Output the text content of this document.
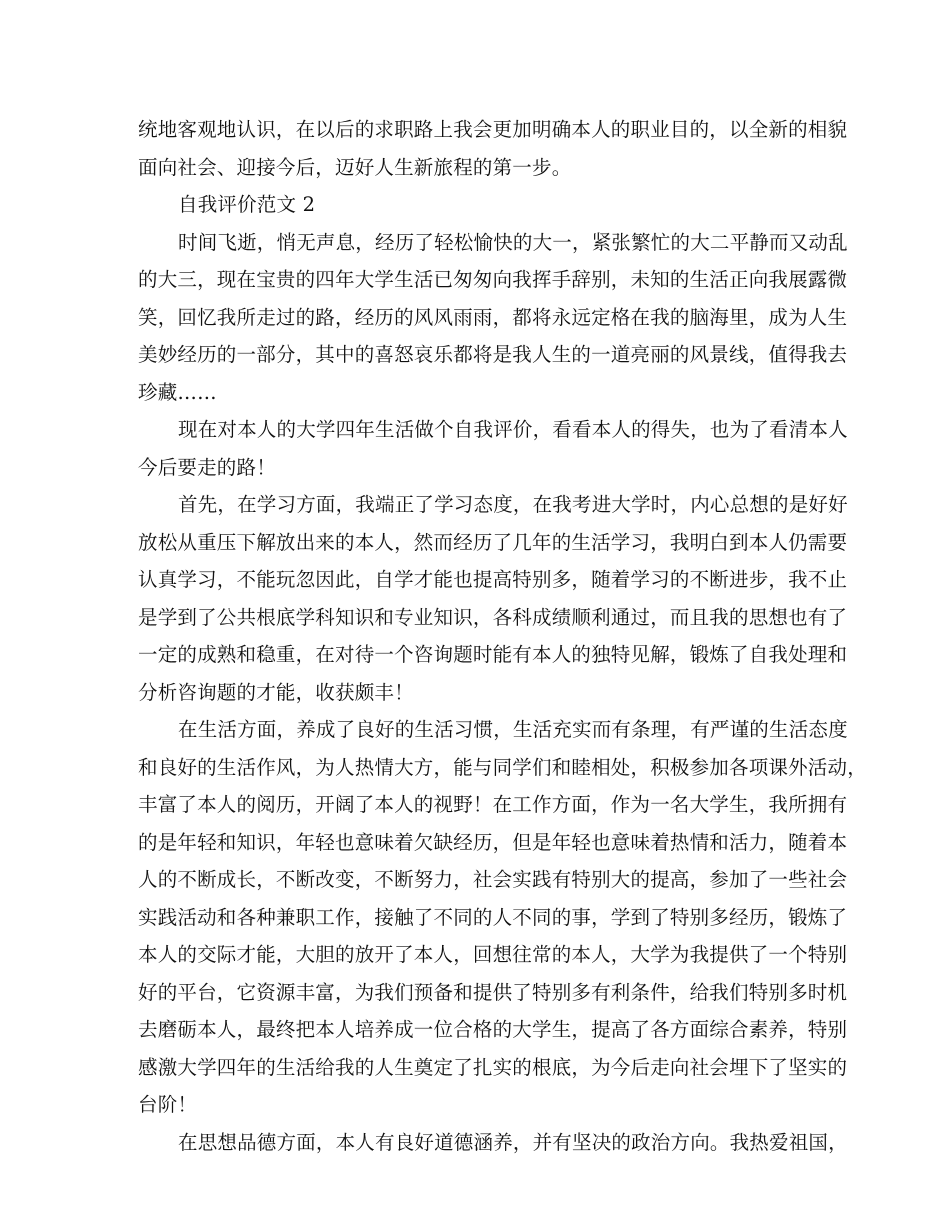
统地客观地认识，在以后的求职路上我会更加明确本人的职业目的，以全新的相貌
面向社会、迎接今后，迈好人生新旅程的第一步。
自我评价范文 2
时间飞逝，悄无声息，经历了轻松愉快的大一，紧张繁忙的大二平静而又动乱
的大三，现在宝贵的四年大学生活已匆匆向我挥手辞别，未知的生活正向我展露微
笑，回忆我所走过的路，经历的风风雨雨，都将永远定格在我的脑海里，成为人生
美妙经历的一部分，其中的喜怒哀乐都将是我人生的一道亮丽的风景线，值得我去
珍藏……
现在对本人的大学四年生活做个自我评价，看看本人的得失，也为了看清本人
今后要走的路！
首先，在学习方面，我端正了学习态度，在我考进大学时，内心总想的是好好
放松从重压下解放出来的本人，然而经历了几年的生活学习，我明白到本人仍需要
认真学习，不能玩忽因此，自学才能也提高特别多，随着学习的不断进步，我不止
是学到了公共根底学科知识和专业知识，各科成绩顺利通过，而且我的思想也有了
一定的成熟和稳重，在对待一个咨询题时能有本人的独特见解，锻炼了自我处理和
分析咨询题的才能，收获颇丰！
在生活方面，养成了良好的生活习惯，生活充实而有条理，有严谨的生活态度
和良好的生活作风，为人热情大方，能与同学们和睦相处，积极参加各项课外活动，
丰富了本人的阅历，开阔了本人的视野！在工作方面，作为一名大学生，我所拥有
的是年轻和知识，年轻也意味着欠缺经历，但是年轻也意味着热情和活力，随着本
人的不断成长，不断改变，不断努力，社会实践有特别大的提高，参加了一些社会
实践活动和各种兼职工作，接触了不同的人不同的事，学到了特别多经历，锻炼了
本人的交际才能，大胆的放开了本人，回想往常的本人，大学为我提供了一个特别
好的平台，它资源丰富，为我们预备和提供了特别多有利条件，给我们特别多时机
去磨砺本人，最终把本人培养成一位合格的大学生，提高了各方面综合素养，特别
感激大学四年的生活给我的人生奠定了扎实的根底，为今后走向社会埋下了坚实的
台阶！
在思想品德方面，本人有良好道德涵养，并有坚决的政治方向。我热爱祖国，
